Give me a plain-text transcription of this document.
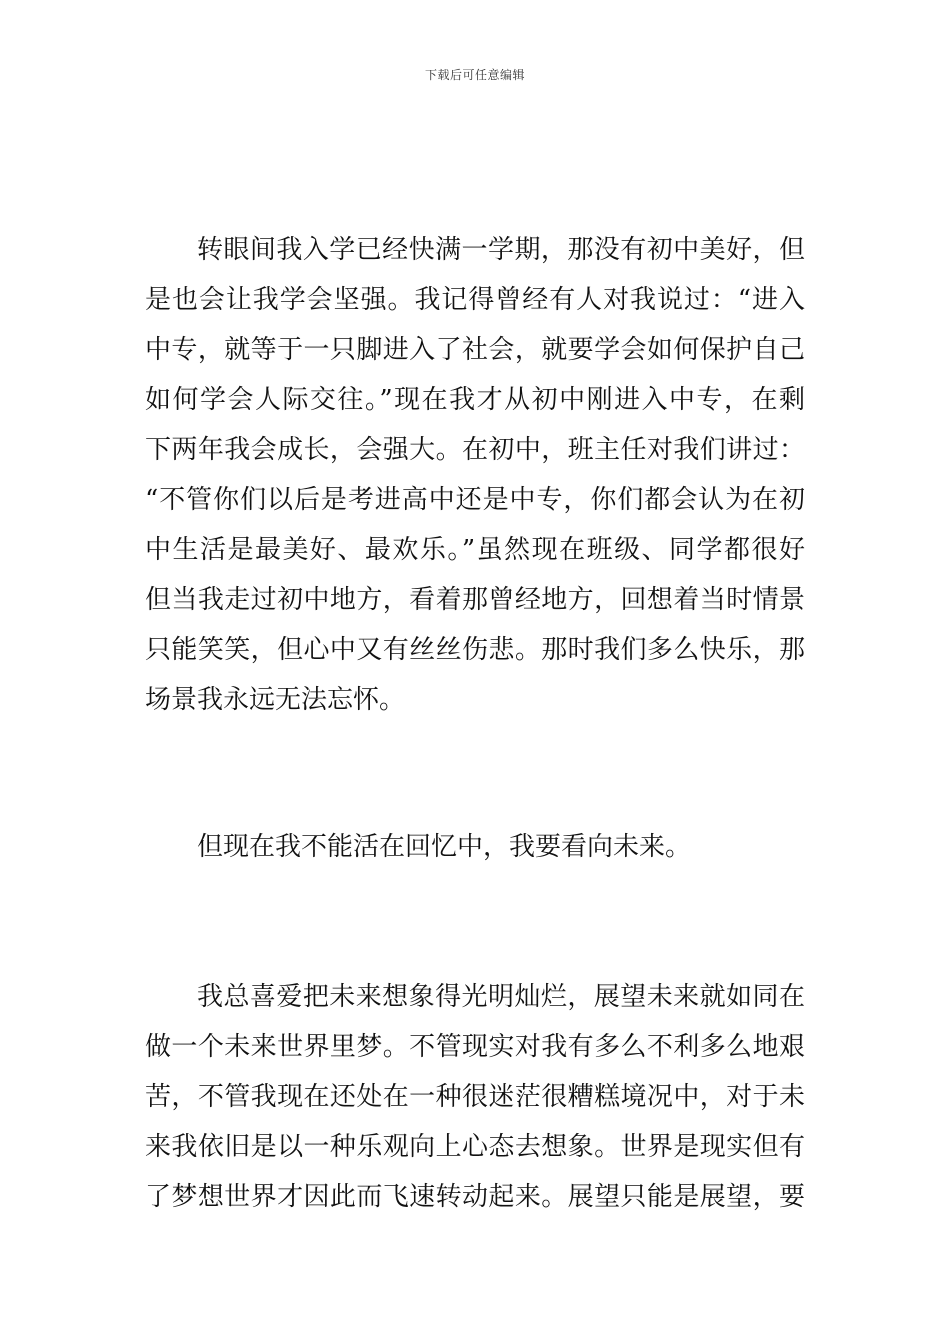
下载后可任意编辑
转眼间我入学已经快满一学期，那没有初中美好，但
是也会让我学会坚强。我记得曾经有人对我说过：“进入
中专，就等于一只脚进入了社会，就要学会如何保护自己
如何学会人际交往。”现在我才从初中刚进入中专，在剩
下两年我会成长，会强大。在初中，班主任对我们讲过：
“不管你们以后是考进高中还是中专，你们都会认为在初
中生活是最美好、最欢乐。”虽然现在班级、同学都很好
但当我走过初中地方，看着那曾经地方，回想着当时情景
只能笑笑，但心中又有丝丝伤悲。那时我们多么快乐，那
场景我永远无法忘怀。
但现在我不能活在回忆中，我要看向未来。
我总喜爱把未来想象得光明灿烂，展望未来就如同在
做一个未来世界里梦。不管现实对我有多么不利多么地艰
苦，不管我现在还处在一种很迷茫很糟糕境况中，对于未
来我依旧是以一种乐观向上心态去想象。世界是现实但有
了梦想世界才因此而飞速转动起来。展望只能是展望，要
